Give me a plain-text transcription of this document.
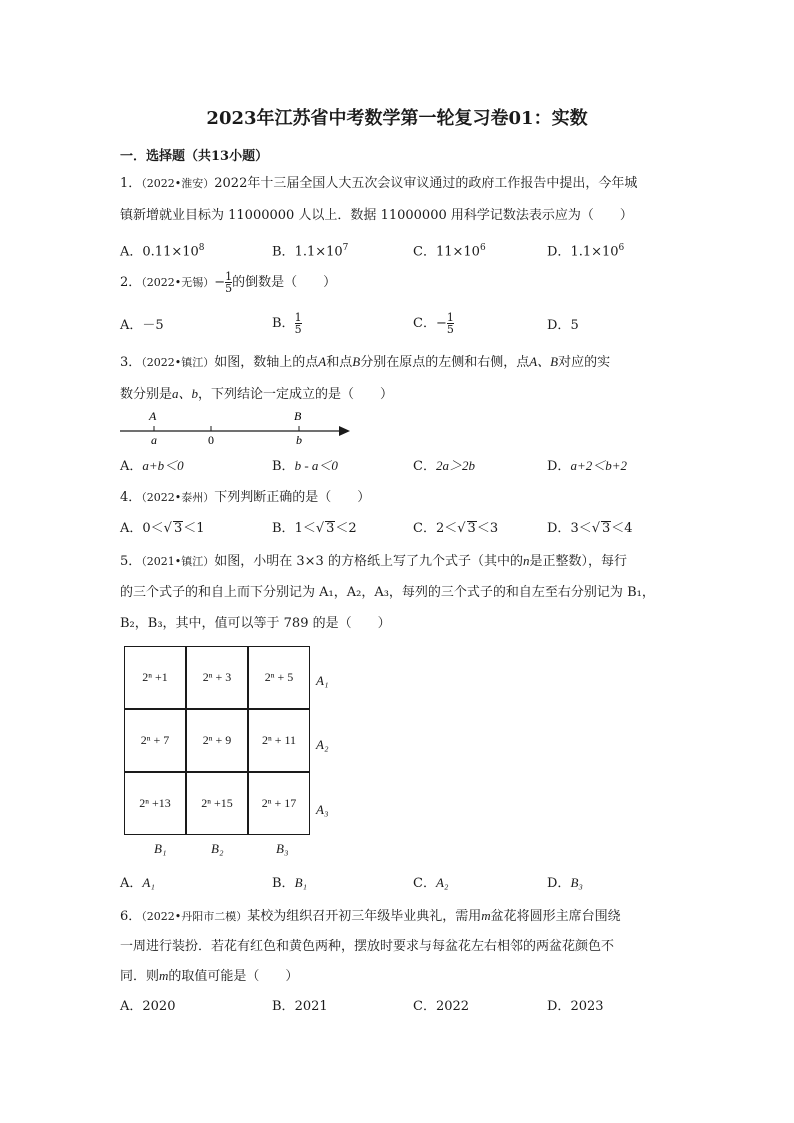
2023年江苏省中考数学第一轮复习卷01：实数
一．选择题（共13小题）
1．（2022•淮安）2022年十三届全国人大五次会议审议通过的政府工作报告中提出，今年城
镇新增就业目标为 11000000 人以上．数据 11000000 用科学记数法表示应为（　　）
A．$0.11\times 10^8$	B．$1.1\times 10^7$	C．$11\times 10^6$	D．$1.1\times 10^6$
2．（2022•无锡）− $\frac{1}{5}$ 的倒数是（　　）
A．－5	B． $\frac{1}{5}$	C．− $\frac{1}{5}$	D．5
3．（2022•镇江）如图，数轴上的点A和点B分别在原点的左侧和右侧，点A、B对应的实
数分别是a、b，下列结论一定成立的是（　　）
A	B
a	0	b
A．a+b＜0	B．b - a＜0	C．2a＞2b	D．a+2＜b+2
4．（2022•泰州）下列判断正确的是（　　）
A．0＜√ 3＜1	B．1＜√ 3＜2	C．2＜√ 3＜3	D．3＜√ 3＜4
5．（2021•镇江）如图，小明在 3×3 的方格纸上写了九个式子（其中的n是正整数），每行
的三个式子的和自上而下分别记为 A₁，A₂，A₃，每列的三个式子的和自左至右分别记为 B₁，
B₂，B₃，其中，值可以等于 789 的是（　　）
2ⁿ +1	2ⁿ + 3	2ⁿ + 5
2ⁿ + 7	2ⁿ + 9	2ⁿ + 11
2ⁿ +13	2ⁿ +15	2ⁿ + 17
A₁
A₂
A₃
B₁	B₂	B₃
A．A₁	B．B₁	C．A₂	D．B₃
6．（2022•丹阳市二模）某校为组织召开初三年级毕业典礼，需用m盆花将圆形主席台围绕
一周进行装扮．若花有红色和黄色两种，摆放时要求与每盆花左右相邻的两盆花颜色不
同．则m的取值可能是（　　）
A．2020	B．2021	C．2022	D．2023
